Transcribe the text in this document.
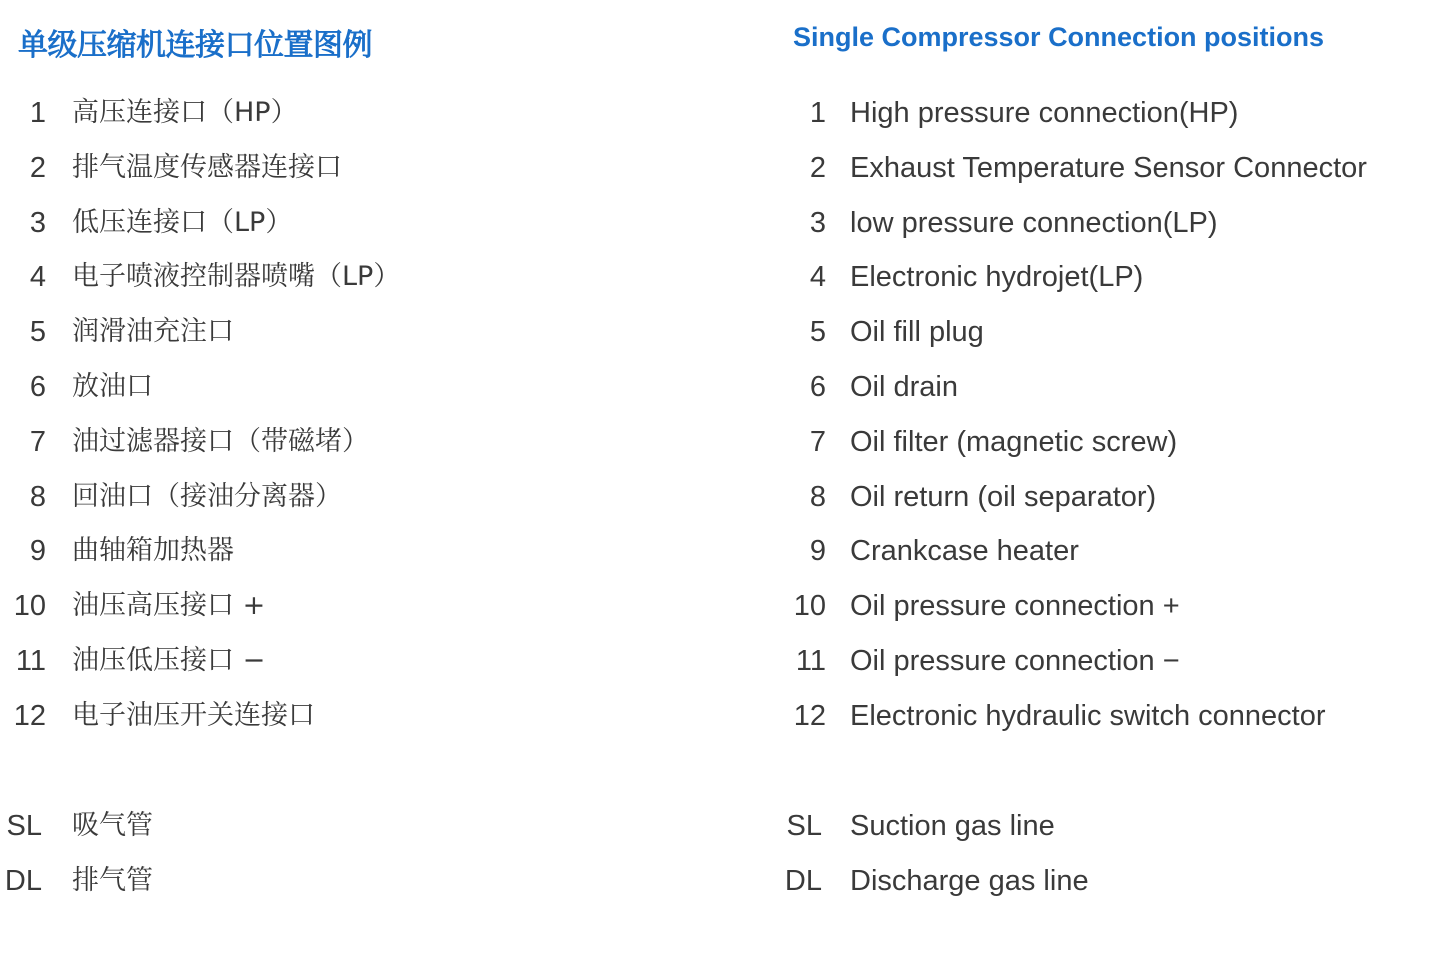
单级压缩机连接口位置图例
1 高压连接口（HP）
2 排气温度传感器连接口
3 低压连接口（LP）
4 电子喷液控制器喷嘴（LP）
5 润滑油充注口
6 放油口
7 油过滤器接口（带磁堵）
8 回油口（接油分离器）
9 曲轴箱加热器
10 油压高压接口 +
11 油压低压接口 −
12 电子油压开关连接口
SL 吸气管
DL 排气管
Single Compressor Connection positions
1 High pressure connection(HP)
2 Exhaust Temperature Sensor Connector
3 low pressure connection(LP)
4 Electronic hydrojet(LP)
5 Oil fill plug
6 Oil drain
7 Oil filter (magnetic screw)
8 Oil return (oil separator)
9 Crankcase heater
10 Oil pressure connection +
11 Oil pressure connection −
12 Electronic hydraulic switch connector
SL Suction gas line
DL Discharge gas line
